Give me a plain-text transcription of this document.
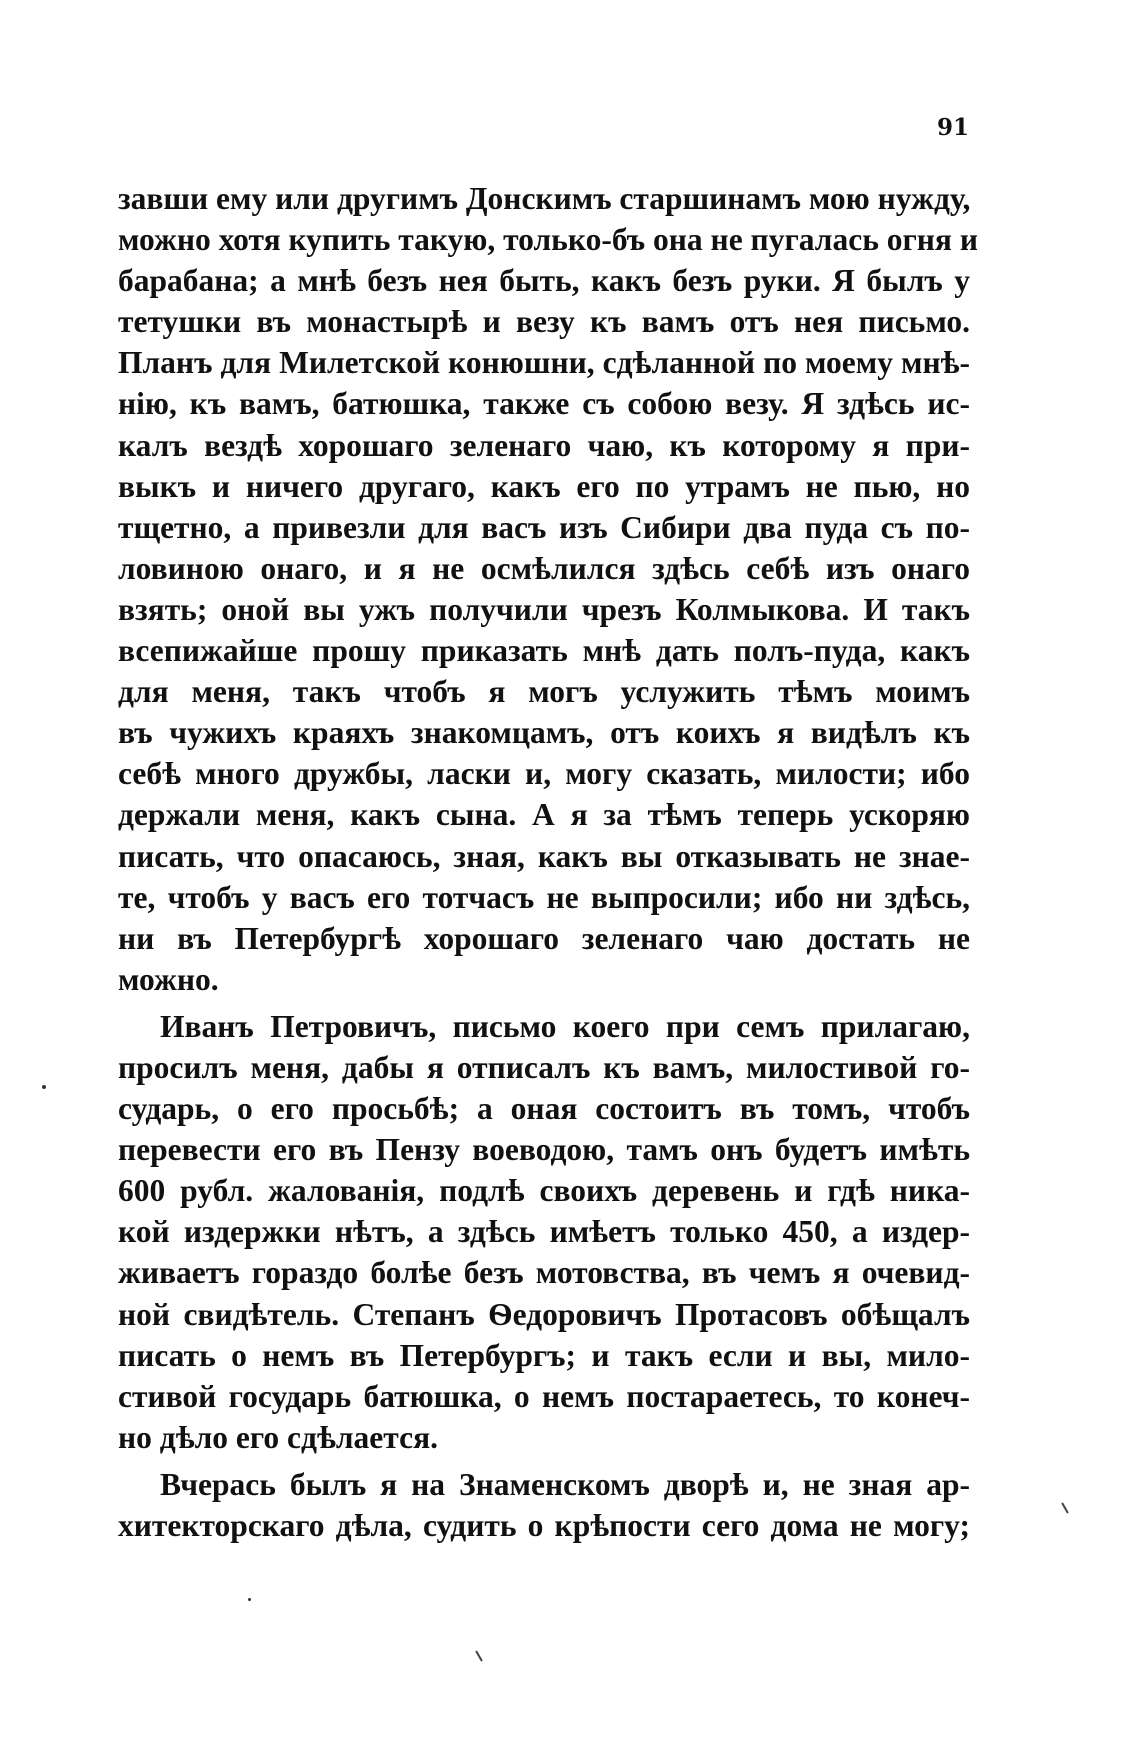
91
завши ему или другимъ Донскимъ старшинамъ мою нужду,
можно хотя купить такую, только-бъ она не пугалась огня и
барабана; а мнѣ безъ нея быть, какъ безъ руки. Я былъ у
тетушки въ монастырѣ и везу къ вамъ отъ нея письмо.
Планъ для Милетской конюшни, сдѣланной по моему мнѣ-
нію, къ вамъ, батюшка, также съ собою везу. Я здѣсь ис-
калъ вездѣ хорошаго зеленаго чаю, къ которому я при-
выкъ и ничего другаго, какъ его по утрамъ не пью, но
тщетно, а привезли для васъ изъ Сибири два пуда съ по-
ловиною онаго, и я не осмѣлился здѣсь себѣ изъ онаго
взять; оной вы ужъ получили чрезъ Колмыкова. И такъ
всепижайше прошу приказать мнѣ дать полъ-пуда, какъ
для меня, такъ чтобъ я могъ услужить тѣмъ моимъ
въ чужихъ краяхъ знакомцамъ, отъ коихъ я видѣлъ къ
себѣ много дружбы, ласки и, могу сказать, милости; ибо
держали меня, какъ сына. А я за тѣмъ теперь ускоряю
писать, что опасаюсь, зная, какъ вы отказывать не знае-
те, чтобъ у васъ его тотчасъ не выпросили; ибо ни здѣсь,
ни въ Петербургѣ хорошаго зеленаго чаю достать не
можно.
Иванъ Петровичъ, письмо коего при семъ прилагаю,
просилъ меня, дабы я отписалъ къ вамъ, милостивой го-
сударь, о его просьбѣ; а оная состоитъ въ томъ, чтобъ
перевести его въ Пензу воеводою, тамъ онъ будетъ имѣть
600 рубл. жалованія, подлѣ своихъ деревень и гдѣ ника-
кой издержки нѣтъ, а здѣсь имѣетъ только 450, а издер-
живаетъ гораздо болѣе безъ мотовства, въ чемъ я очевид-
ной свидѣтель. Степанъ Ѳедоровичъ Протасовъ обѣщалъ
писать о немъ въ Петербургъ; и такъ если и вы, мило-
стивой государь батюшка, о немъ постараетесь, то конеч-
но дѣло его сдѣлается.
Вчерась былъ я на Знаменскомъ дворѣ и, не зная ар-
хитекторскаго дѣла, судить о крѣпости сего дома не могу;
